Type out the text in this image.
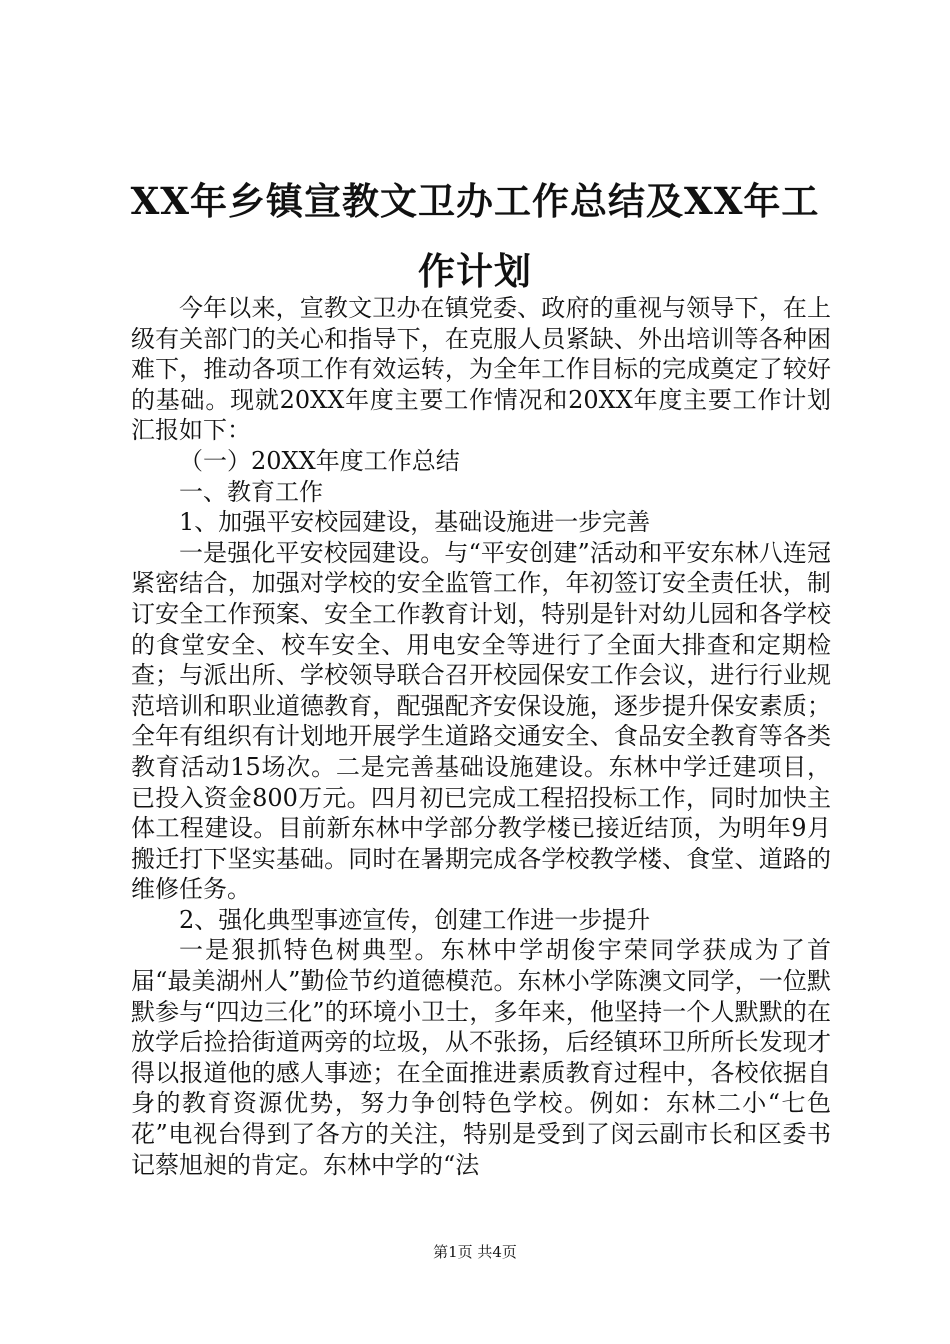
XX年乡镇宣教文卫办工作总结及XX年工作计划

今年以来，宣教文卫办在镇党委、政府的重视与领导下，在上级有关部门的关心和指导下，在克服人员紧缺、外出培训等各种困难下，推动各项工作有效运转，为全年工作目标的完成奠定了较好的基础。现就20XX年度主要工作情况和20XX年度主要工作计划汇报如下：

（一）20XX年度工作总结

一、教育工作

1、加强平安校园建设，基础设施进一步完善

一是强化平安校园建设。与“平安创建”活动和平安东林八连冠紧密结合，加强对学校的安全监管工作，年初签订安全责任状，制订安全工作预案、安全工作教育计划，特别是针对幼儿园和各学校的食堂安全、校车安全、用电安全等进行了全面大排查和定期检查；与派出所、学校领导联合召开校园保安工作会议，进行行业规范培训和职业道德教育，配强配齐安保设施，逐步提升保安素质；全年有组织有计划地开展学生道路交通安全、食品安全教育等各类教育活动15场次。二是完善基础设施建设。东林中学迁建项目，已投入资金800万元。四月初已完成工程招投标工作，同时加快主体工程建设。目前新东林中学部分教学楼已接近结顶，为明年9月搬迁打下坚实基础。同时在暑期完成各学校教学楼、食堂、道路的维修任务。

2、强化典型事迹宣传，创建工作进一步提升

一是狠抓特色树典型。东林中学胡俊宇荣同学获成为了首届“最美湖州人”勤俭节约道德模范。东林小学陈澳文同学，一位默默参与“四边三化”的环境小卫士，多年来，他坚持一个人默默的在放学后捡拾街道两旁的垃圾，从不张扬，后经镇环卫所所长发现才得以报道他的感人事迹；在全面推进素质教育过程中，各校依据自身的教育资源优势，努力争创特色学校。例如：东林二小“七色花”电视台得到了各方的关注，特别是受到了闵云副市长和区委书记蔡旭昶的肯定。东林中学的“法

第1页 共4页
